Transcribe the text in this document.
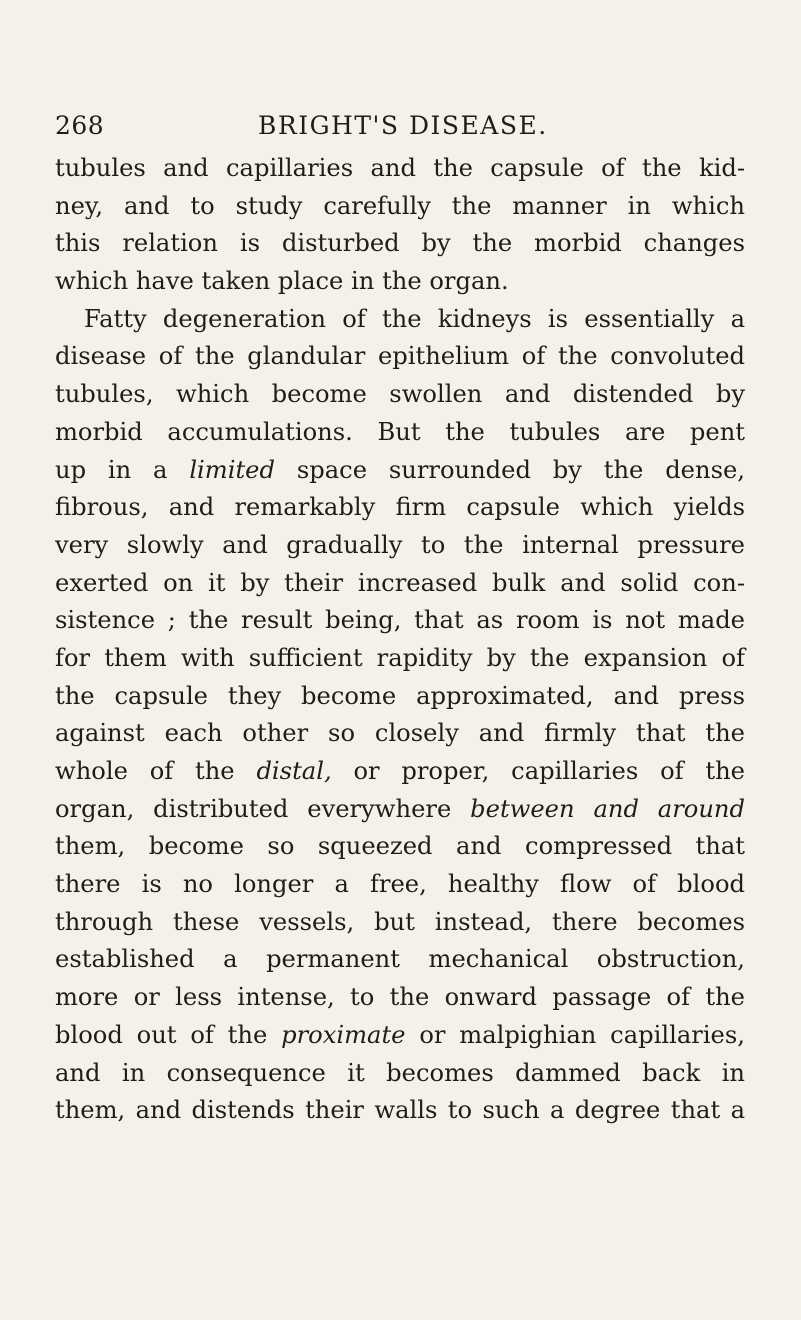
268	BRIGHT'S DISEASE.
tubules and capillaries and the capsule of the kid-
ney, and to study carefully the manner in which
this relation is disturbed by the morbid changes
which have taken place in the organ.
Fatty degeneration of the kidneys is essentially a
disease of the glandular epithelium of the convoluted
tubules, which become swollen and distended by
morbid accumulations. But the tubules are pent
up in a limited space surrounded by the dense,
fibrous, and remarkably firm capsule which yields
very slowly and gradually to the internal pressure
exerted on it by their increased bulk and solid con-
sistence ; the result being, that as room is not made
for them with sufficient rapidity by the expansion of
the capsule they become approximated, and press
against each other so closely and firmly that the
whole of the distal, or proper, capillaries of the
organ, distributed everywhere between and around
them, become so squeezed and compressed that
there is no longer a free, healthy flow of blood
through these vessels, but instead, there becomes
established a permanent mechanical obstruction,
more or less intense, to the onward passage of the
blood out of the proximate or malpighian capillaries,
and in consequence it becomes dammed back in
them, and distends their walls to such a degree that a
